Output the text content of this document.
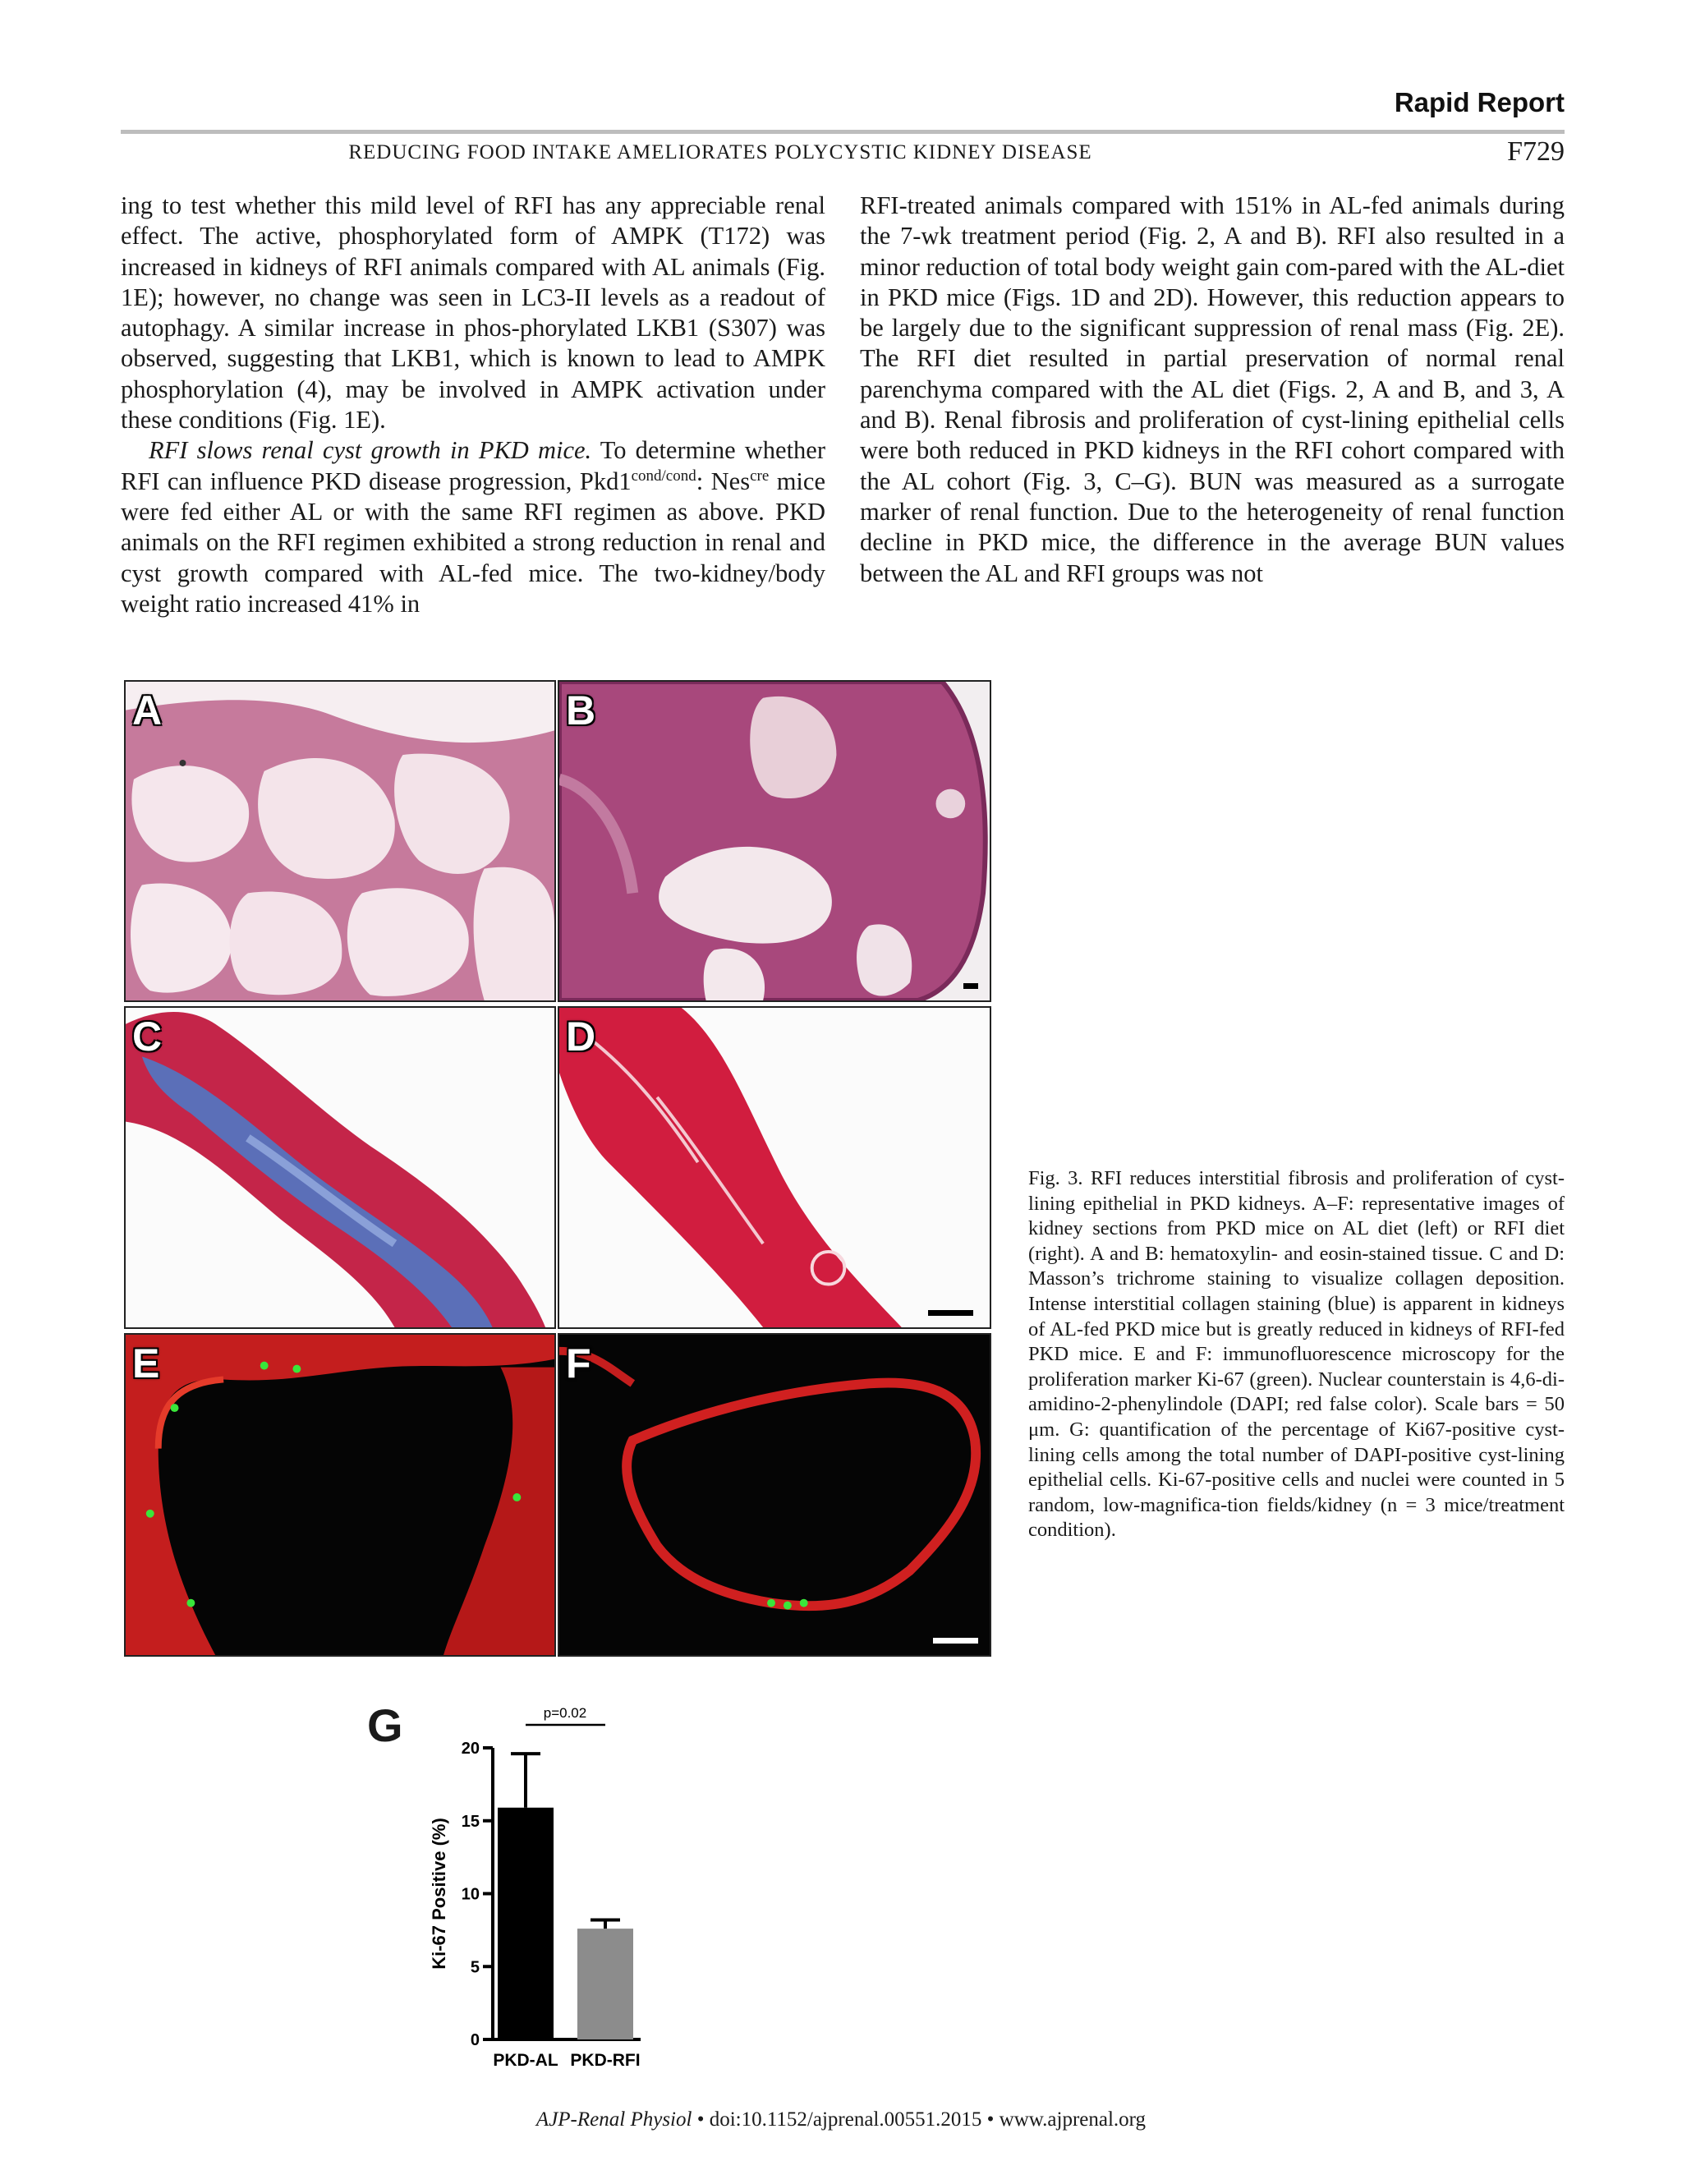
Rapid Report
REDUCING FOOD INTAKE AMELIORATES POLYCYSTIC KIDNEY DISEASE	F729

ing to test whether this mild level of RFI has any appreciable renal effect. The active, phosphorylated form of AMPK (T172) was increased in kidneys of RFI animals compared with AL animals (Fig. 1E); however, no change was seen in LC3-II levels as a readout of autophagy. A similar increase in phos-phorylated LKB1 (S307) was observed, suggesting that LKB1, which is known to lead to AMPK phosphorylation (4), may be involved in AMPK activation under these conditions (Fig. 1E).

RFI slows renal cyst growth in PKD mice. To determine whether RFI can influence PKD disease progression, $Pkd1^{cond/cond}$: Nes$^{cre}$ mice were fed either AL or with the same RFI regimen as above. PKD animals on the RFI regimen exhibited a strong reduction in renal and cyst growth compared with AL-fed mice. The two-kidney/body weight ratio increased 41% in

RFI-treated animals compared with 151% in AL-fed animals during the 7-wk treatment period (Fig. 2, A and B). RFI also resulted in a minor reduction of total body weight gain com-pared with the AL-diet in PKD mice (Figs. 1D and 2D). However, this reduction appears to be largely due to the significant suppression of renal mass (Fig. 2E). The RFI diet resulted in partial preservation of normal renal parenchyma compared with the AL diet (Figs. 2, A and B, and 3, A and B). Renal fibrosis and proliferation of cyst-lining epithelial cells were both reduced in PKD kidneys in the RFI cohort compared with the AL cohort (Fig. 3, C–G). BUN was measured as a surrogate marker of renal function. Due to the heterogeneity of renal function decline in PKD mice, the difference in the average BUN values between the AL and RFI groups was not

A	B
C	D
E	F
Fig. 3. RFI reduces interstitial fibrosis and proliferation of cyst-lining epithelial in PKD kidneys. A–F: representative images of kidney sections from PKD mice on AL diet (left) or RFI diet (right). A and B: hematoxylin- and eosin-stained tissue. C and D: Masson’s trichrome staining to visualize collagen deposition. Intense interstitial collagen staining (blue) is apparent in kidneys of AL-fed PKD mice but is greatly reduced in kidneys of RFI-fed PKD mice. E and F: immunofluorescence microscopy for the proliferation marker Ki-67 (green). Nuclear counterstain is 4,6-di-amidino-2-phenylindole (DAPI; red false color). Scale bars = 50 μm. G: quantification of the percentage of Ki67-positive cyst-lining cells among the total number of DAPI-positive cyst-lining epithelial cells. Ki-67-positive cells and nuclei were counted in 5 random, low-magnifica-tion fields/kidney (n = 3 mice/treatment condition).
G
0
5
10
15
20
Ki-67 Positive (%)
PKD-AL PKD-RFI
p=0.02
AJP-Renal Physiol • doi:10.1152/ajprenal.00551.2015 • www.ajprenal.org
